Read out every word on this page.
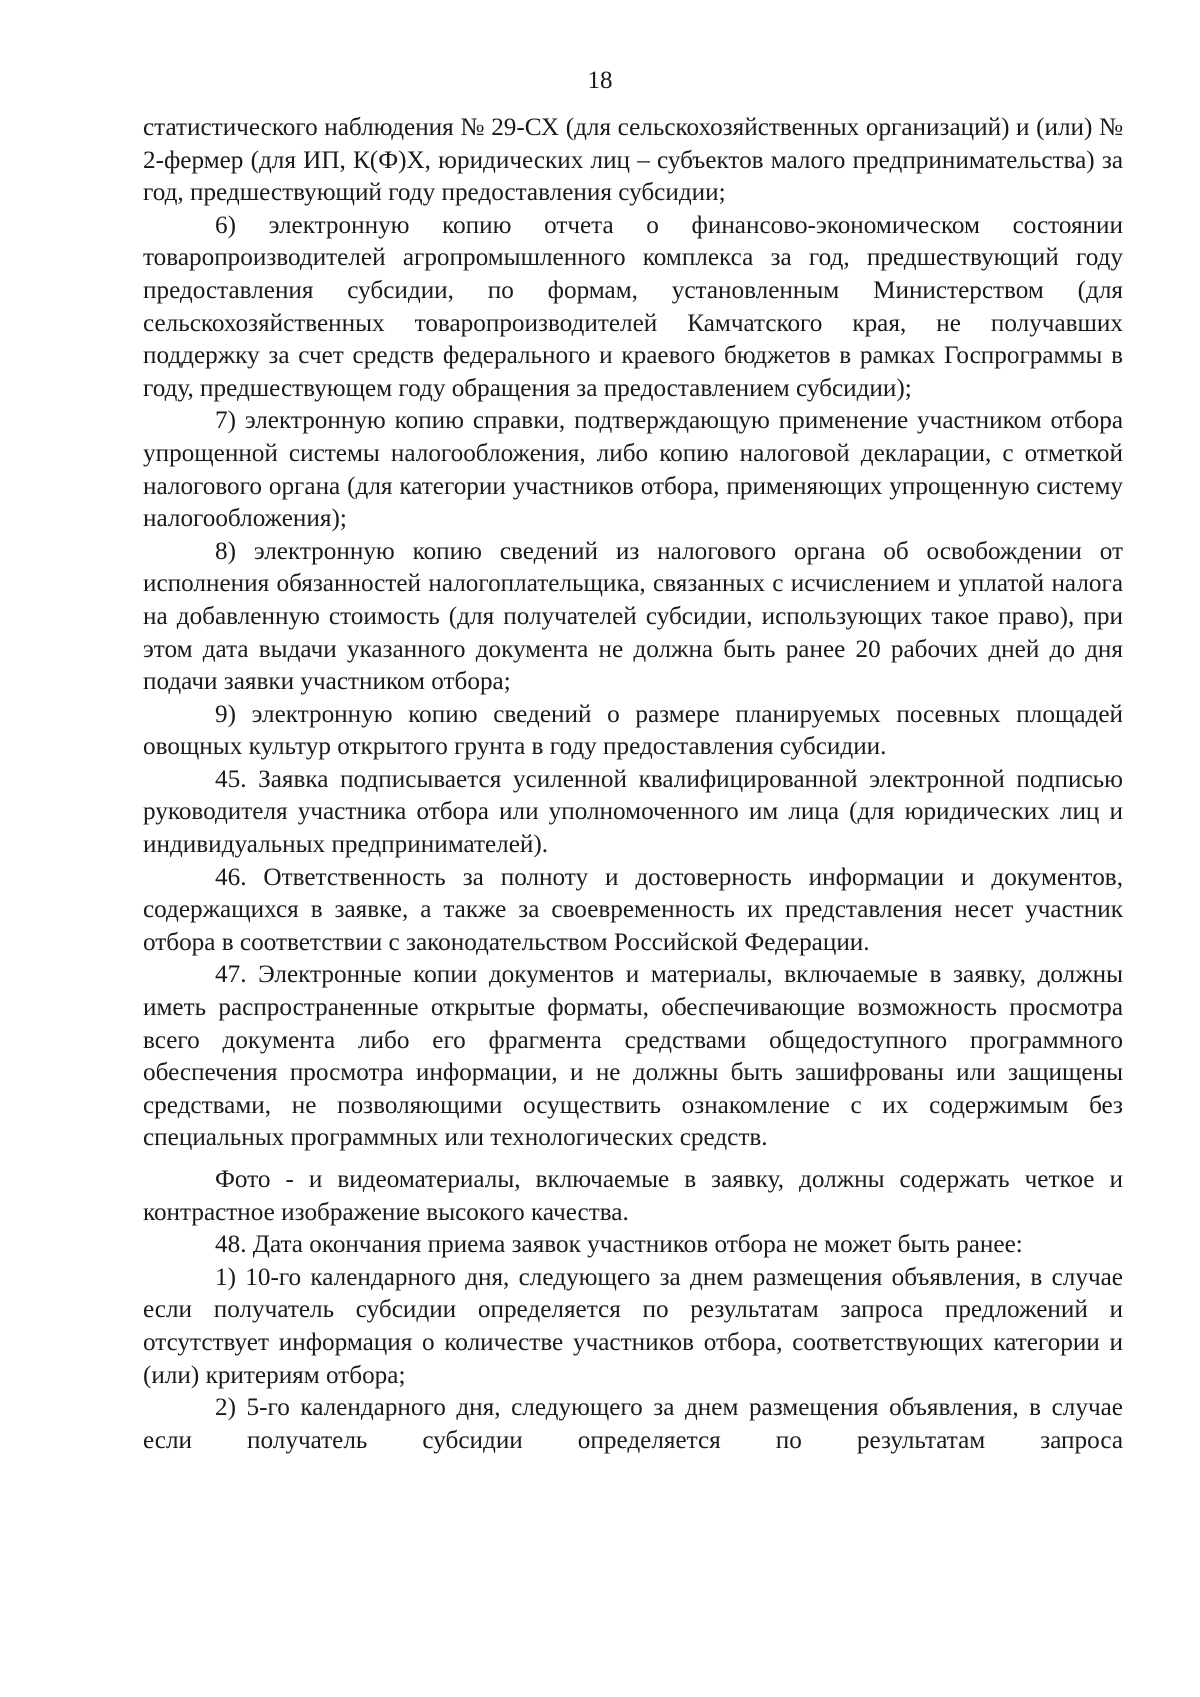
18

статистического наблюдения № 29-СХ (для сельскохозяйственных организаций) и (или) № 2-фермер (для ИП, К(Ф)Х, юридических лиц – субъектов малого предпринимательства) за год, предшествующий году предоставления субсидии;

6) электронную копию отчета о финансово-экономическом состоянии товаропроизводителей агропромышленного комплекса за год, предшествующий году предоставления субсидии, по формам, установленным Министерством (для сельскохозяйственных товаропроизводителей Камчатского края, не получавших поддержку за счет средств федерального и краевого бюджетов в рамках Госпрограммы в году, предшествующем году обращения за предоставлением субсидии);

7) электронную копию справки, подтверждающую применение участником отбора упрощенной системы налогообложения, либо копию налоговой декларации, с отметкой налогового органа (для категории участников отбора, применяющих упрощенную систему налогообложения);

8) электронную копию сведений из налогового органа об освобождении от исполнения обязанностей налогоплательщика, связанных с исчислением и уплатой налога на добавленную стоимость (для получателей субсидии, использующих такое право), при этом дата выдачи указанного документа не должна быть ранее 20 рабочих дней до дня подачи заявки участником отбора;

9) электронную копию сведений о размере планируемых посевных площадей овощных культур открытого грунта в году предоставления субсидии.

45. Заявка подписывается усиленной квалифицированной электронной подписью руководителя участника отбора или уполномоченного им лица (для юридических лиц и индивидуальных предпринимателей).

46. Ответственность за полноту и достоверность информации и документов, содержащихся в заявке, а также за своевременность их представления несет участник отбора в соответствии с законодательством Российской Федерации.

47. Электронные копии документов и материалы, включаемые в заявку, должны иметь распространенные открытые форматы, обеспечивающие возможность просмотра всего документа либо его фрагмента средствами общедоступного программного обеспечения просмотра информации, и не должны быть зашифрованы или защищены средствами, не позволяющими осуществить ознакомление с их содержимым без специальных программных или технологических средств.

Фото - и видеоматериалы, включаемые в заявку, должны содержать четкое и контрастное изображение высокого качества.

48. Дата окончания приема заявок участников отбора не может быть ранее:

1) 10-го календарного дня, следующего за днем размещения объявления, в случае если получатель субсидии определяется по результатам запроса предложений и отсутствует информация о количестве участников отбора, соответствующих категории и (или) критериям отбора;

2) 5-го календарного дня, следующего за днем размещения объявления, в случае если получатель субсидии определяется по результатам запроса
